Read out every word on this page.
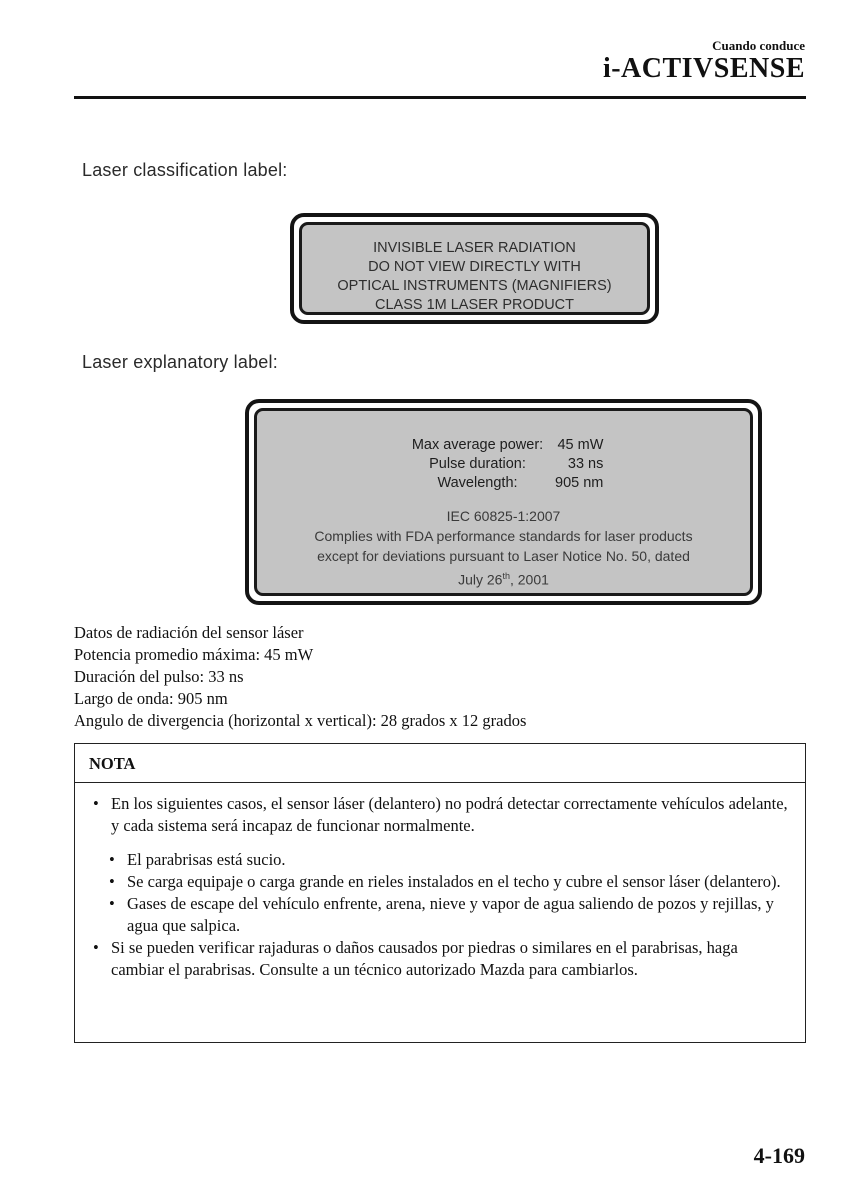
Cuando conduce
i-ACTIVSENSE
Laser classification label:
INVISIBLE LASER RADIATION
DO NOT VIEW DIRECTLY WITH
OPTICAL INSTRUMENTS (MAGNIFIERS)
CLASS 1M LASER PRODUCT
Laser explanatory label:
Max average power:	45 mW
Pulse duration:	33 ns
Wavelength:	905 nm
IEC 60825-1:2007
Complies with FDA performance standards for laser products
except for deviations pursuant to Laser Notice No. 50, dated
July 26th, 2001
Datos de radiación del sensor láser
Potencia promedio máxima: 45 mW
Duración del pulso: 33 ns
Largo de onda: 905 nm
Angulo de divergencia (horizontal x vertical): 28 grados x 12 grados
NOTA
• En los siguientes casos, el sensor láser (delantero) no podrá detectar correctamente vehículos adelante, y cada sistema será incapaz de funcionar normalmente.
• El parabrisas está sucio.
• Se carga equipaje o carga grande en rieles instalados en el techo y cubre el sensor láser (delantero).
• Gases de escape del vehículo enfrente, arena, nieve y vapor de agua saliendo de pozos y rejillas, y agua que salpica.
• Si se pueden verificar rajaduras o daños causados por piedras o similares en el parabrisas, haga cambiar el parabrisas. Consulte a un técnico autorizado Mazda para cambiarlos.
4-169
